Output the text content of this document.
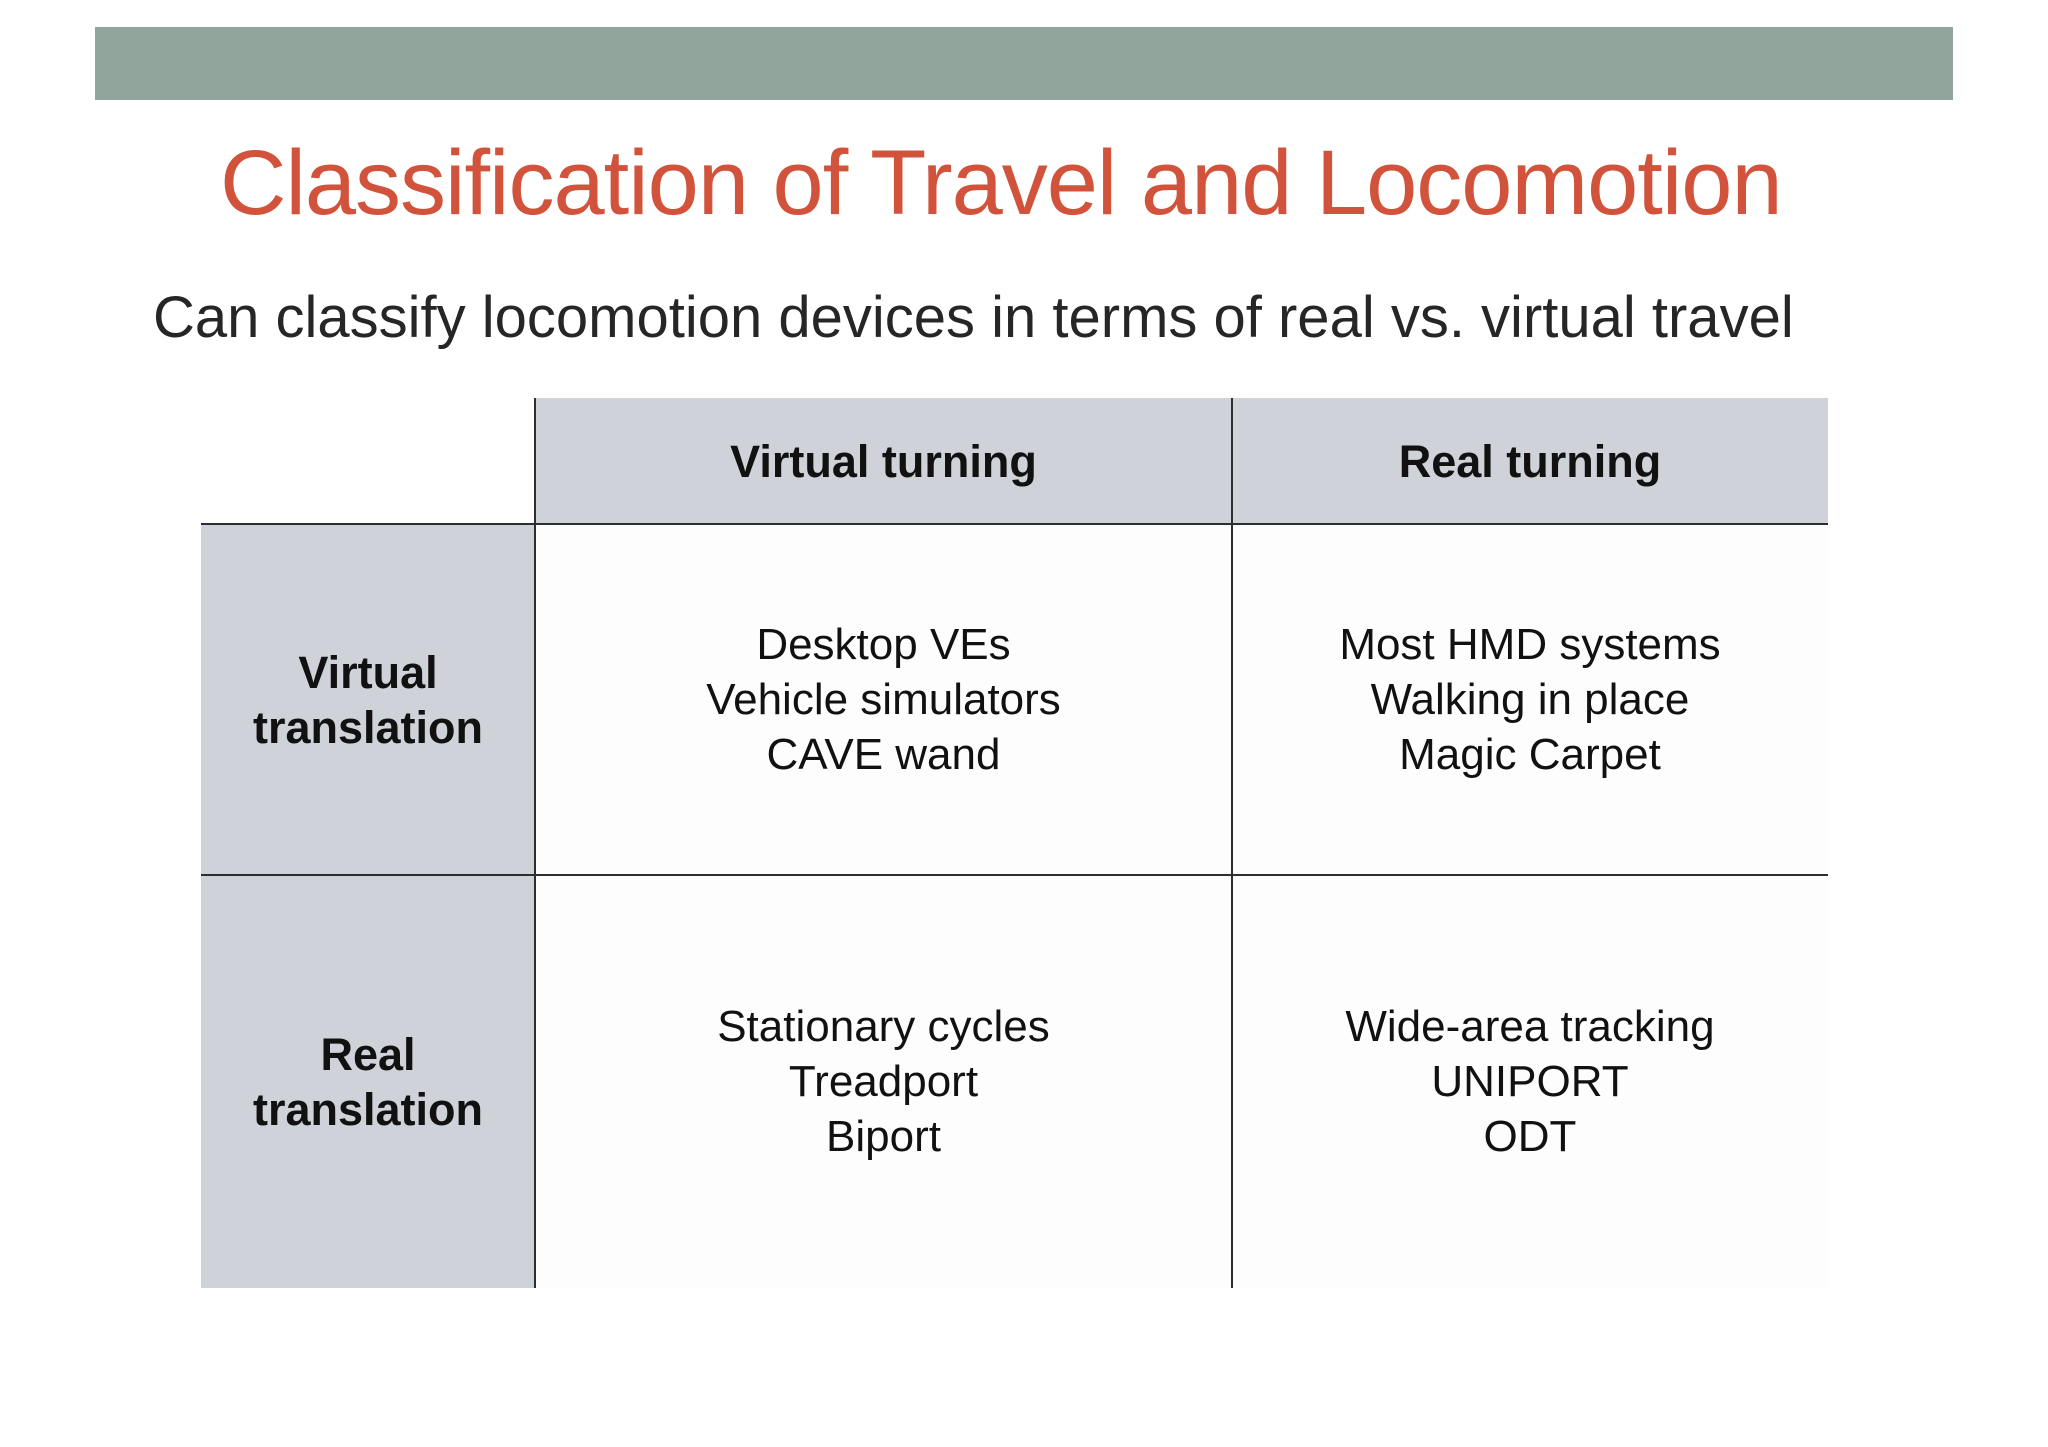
Classification of Travel and Locomotion

Can classify locomotion devices in terms of real vs. virtual travel

Virtual turning	Real turning
Virtual
translation
Desktop VEs
Vehicle simulators
CAVE wand
Most HMD systems
Walking in place
Magic Carpet
Real
translation
Stationary cycles
Treadport
Biport
Wide-area tracking
UNIPORT
ODT
